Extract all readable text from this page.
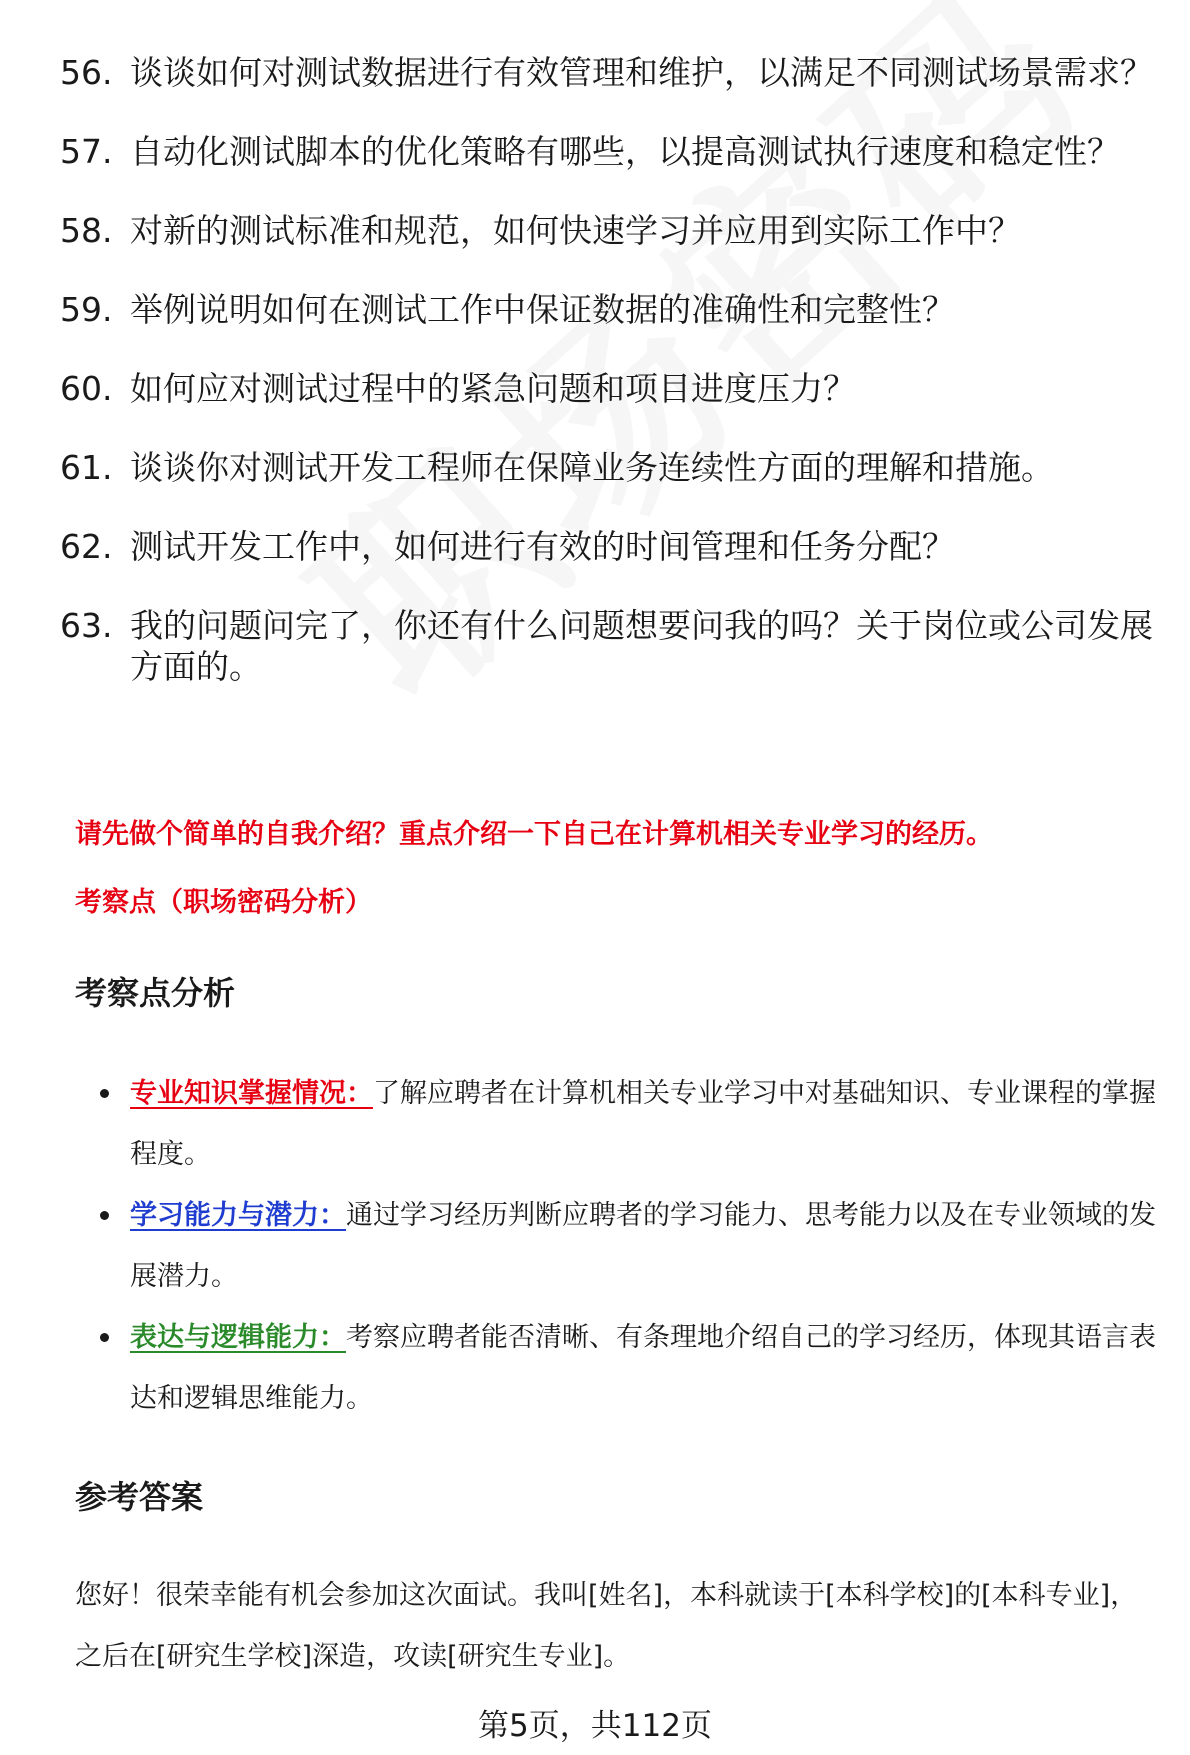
56. 谈谈如何对测试数据进行有效管理和维护，以满足不同测试场景需求？
57. 自动化测试脚本的优化策略有哪些，以提高测试执行速度和稳定性？
58. 对新的测试标准和规范，如何快速学习并应用到实际工作中？
59. 举例说明如何在测试工作中保证数据的准确性和完整性？
60. 如何应对测试过程中的紧急问题和项目进度压力？
61. 谈谈你对测试开发工程师在保障业务连续性方面的理解和措施。
62. 测试开发工作中，如何进行有效的时间管理和任务分配？
63. 我的问题问完了，你还有什么问题想要问我的吗？关于岗位或公司发展方面的。
请先做个简单的自我介绍？重点介绍一下自己在计算机相关专业学习的经历。
考察点（职场密码分析）
考察点分析
专业知识掌握情况：了解应聘者在计算机相关专业学习中对基础知识、专业课程的掌握程度。
学习能力与潜力：通过学习经历判断应聘者的学习能力、思考能力以及在专业领域的发展潜力。
表达与逻辑能力：考察应聘者能否清晰、有条理地介绍自己的学习经历，体现其语言表达和逻辑思维能力。
参考答案
您好！很荣幸能有机会参加这次面试。我叫[姓名]，本科就读于[本科学校]的[本科专业]，之后在[研究生学校]深造，攻读[研究生专业]。
第5页，共112页
